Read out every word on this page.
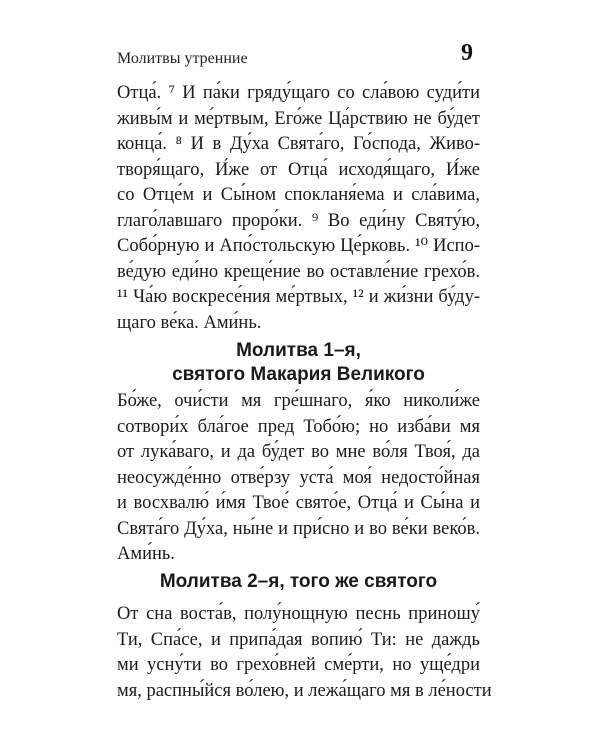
Молитвы утренние	9
Отца́. ⁷ И па́ки гряду́щаго со сла́вою суди́ти
живы́м и ме́ртвым, Его́же Ца́рствию не бу́дет
конца́. ⁸ И в Ду́ха Свята́го, Го́спода, Живо-
творя́щаго, И́же от Отца́ исходя́щаго, И́же
со Отце́м и Сы́ном спокланя́ема и сла́вима,
глаго́лавшаго проро́ки. ⁹ Во еди́ну Святу́ю,
Собо́рную и Апо́стольскую Це́рковь. ¹⁰ Испо-
ве́дую еди́но креще́ние во оставле́ние грехо́в.
¹¹ Ча́ю воскресе́ния ме́ртвых, ¹² и жи́зни бу́ду-
щаго ве́ка. Ами́нь.
Молитва 1–я,
святого Макария Великого
Бо́же, очи́сти мя гре́шнаго, я́ко николи́же
сотвори́х бла́гое пред Тобо́ю; но изба́ви мя
от лука́ваго, и да бу́дет во мне во́ля Твоя́, да
неосужде́нно отве́рзу уста́ моя́ недосто́йная
и восхвалю́ и́мя Твое́ свято́е, Отца́ и Сы́на и
Свята́го Ду́ха, ны́не и при́сно и во ве́ки веко́в.
Ами́нь.
Молитва 2–я, того же святого
От сна воста́в, полу́нощную песнь приношу́
Ти, Спа́се, и припа́дая вопию́ Ти: не даждь
ми усну́ти во грехо́вней сме́рти, но уще́дри
мя, распны́йся во́лею, и лежа́щаго мя в ле́ности
